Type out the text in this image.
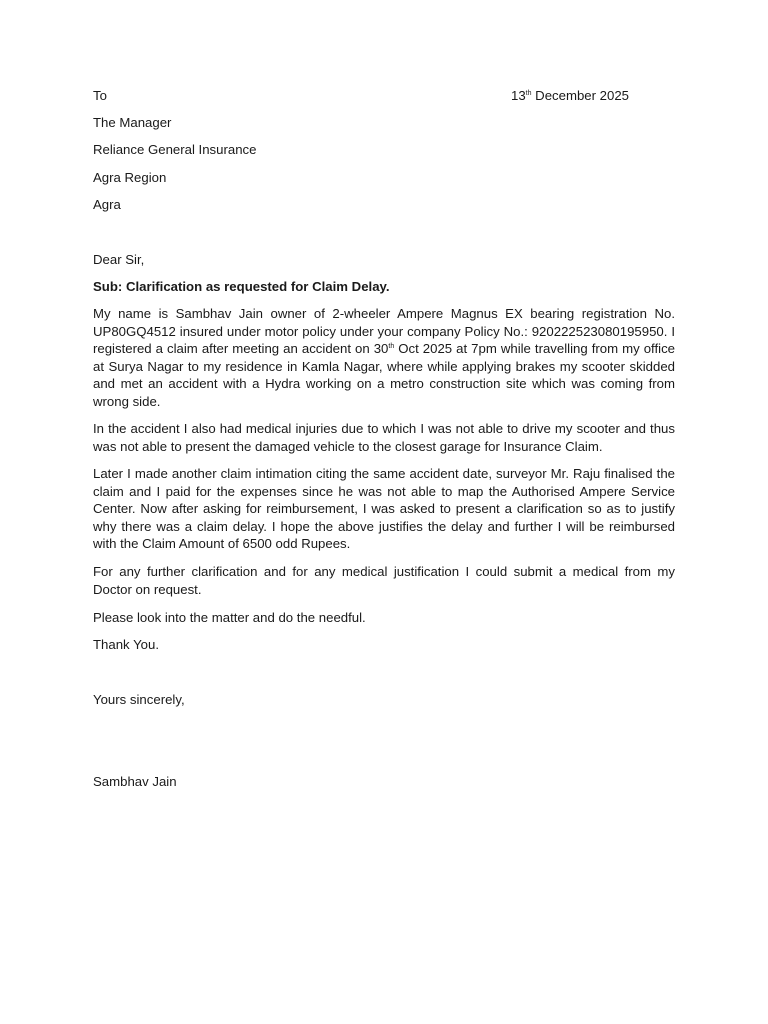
To	13th December 2025
The Manager
Reliance General Insurance
Agra Region
Agra
Dear Sir,
Sub: Clarification as requested for Claim Delay.
My name is Sambhav Jain owner of 2-wheeler Ampere Magnus EX bearing registration No. UP80GQ4512 insured under motor policy under your company Policy No.: 920222523080195950. I registered a claim after meeting an accident on 30th Oct 2025 at 7pm while travelling from my office at Surya Nagar to my residence in Kamla Nagar, where while applying brakes my scooter skidded and met an accident with a Hydra working on a metro construction site which was coming from wrong side.
In the accident I also had medical injuries due to which I was not able to drive my scooter and thus was not able to present the damaged vehicle to the closest garage for Insurance Claim.
Later I made another claim intimation citing the same accident date, surveyor Mr. Raju finalised the claim and I paid for the expenses since he was not able to map the Authorised Ampere Service Center. Now after asking for reimbursement, I was asked to present a clarification so as to justify why there was a claim delay. I hope the above justifies the delay and further I will be reimbursed with the Claim Amount of 6500 odd Rupees.
For any further clarification and for any medical justification I could submit a medical from my Doctor on request.
Please look into the matter and do the needful.
Thank You.
Yours sincerely,
Sambhav Jain
